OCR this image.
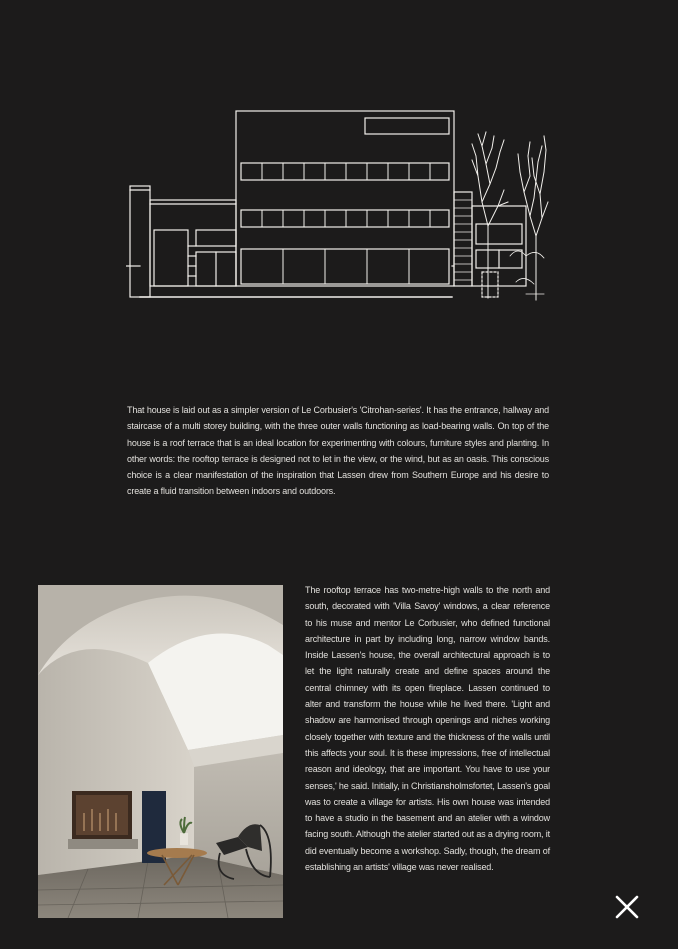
That house is laid out as a simpler version of Le Corbusier's 'Citrohan-series'. It has the entrance, hallway and staircase of a multi storey building, with the three outer walls functioning as load-bearing walls. On top of the house is a roof terrace that is an ideal location for experimenting with colours, furniture styles and planting. In other words: the rooftop terrace is designed not to let in the view, or the wind, but as an oasis. This conscious choice is a clear manifestation of the inspiration that Lassen drew from Southern Europe and his desire to create a fluid transition between indoors and outdoors.
The rooftop terrace has two-metre-high walls to the north and south, decorated with 'Villa Savoy' windows, a clear reference to his muse and mentor Le Corbusier, who defined functional architecture in part by including long, narrow window bands. Inside Lassen's house, the overall architectural approach is to let the light naturally create and define spaces around the central chimney with its open fireplace. Lassen continued to alter and transform the house while he lived there. 'Light and shadow are harmonised through openings and niches working closely together with texture and the thickness of the walls until this affects your soul. It is these impressions, free of intellectual reason and ideology, that are important. You have to use your senses,' he said. Initially, in Christiansholmsfortet, Lassen's goal was to create a village for artists. His own house was intended to have a studio in the basement and an atelier with a window facing south. Although the atelier started out as a drying room, it did eventually become a workshop. Sadly, though, the dream of establishing an artists' village was never realised.
